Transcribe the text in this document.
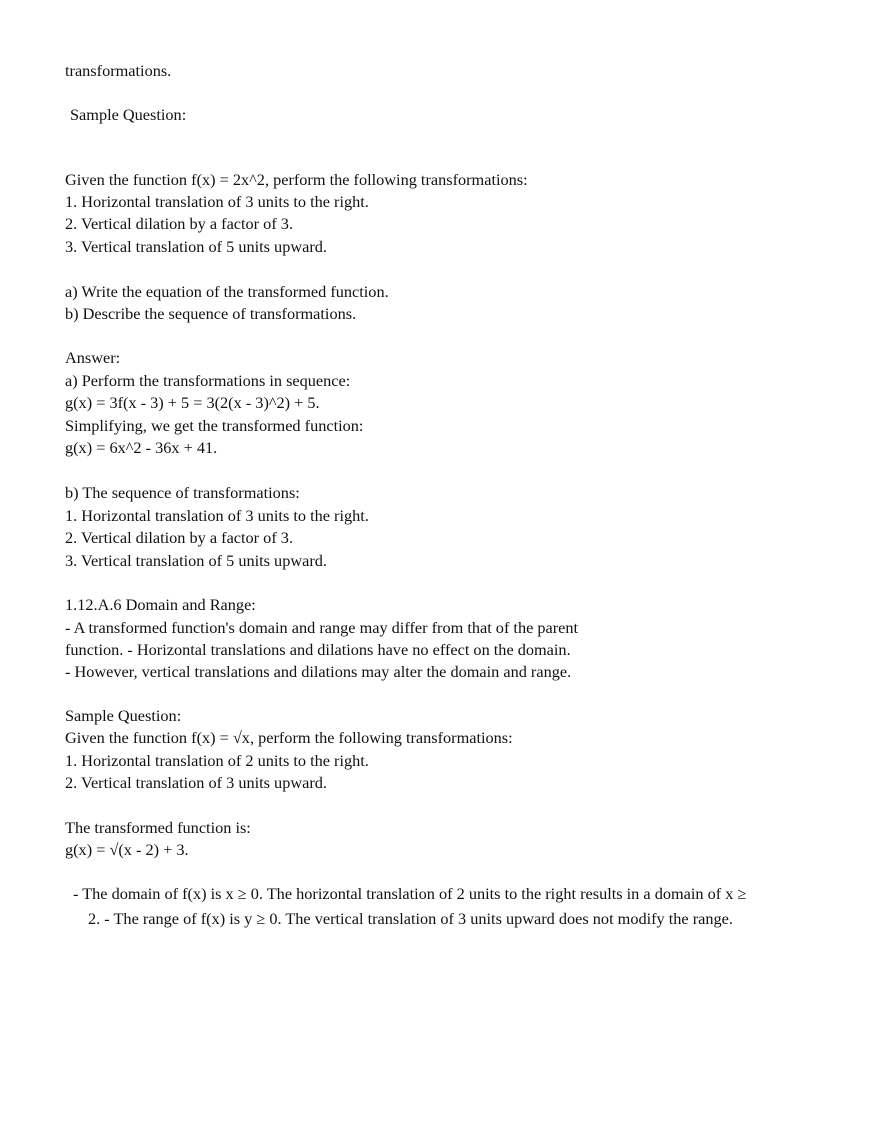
transformations.
Sample Question:
Given the function f(x) = 2x^2, perform the following transformations:
1. Horizontal translation of 3 units to the right.
2. Vertical dilation by a factor of 3.
3. Vertical translation of 5 units upward.
a) Write the equation of the transformed function.
b) Describe the sequence of transformations.
Answer:
a) Perform the transformations in sequence:
g(x) = 3f(x - 3) + 5 = 3(2(x - 3)^2) + 5.
Simplifying, we get the transformed function:
g(x) = 6x^2 - 36x + 41.
b) The sequence of transformations:
1. Horizontal translation of 3 units to the right.
2. Vertical dilation by a factor of 3.
3. Vertical translation of 5 units upward.
1.12.A.6 Domain and Range:
- A transformed function's domain and range may differ from that of the parent
function. - Horizontal translations and dilations have no effect on the domain.
- However, vertical translations and dilations may alter the domain and range.
Sample Question:
Given the function f(x) = √x, perform the following transformations:
1. Horizontal translation of 2 units to the right.
2. Vertical translation of 3 units upward.
The transformed function is:
g(x) = √(x - 2) + 3.
- The domain of f(x) is x ≥ 0. The horizontal translation of 2 units to the right results in a domain of x ≥
2. - The range of f(x) is y ≥ 0. The vertical translation of 3 units upward does not modify the range.
